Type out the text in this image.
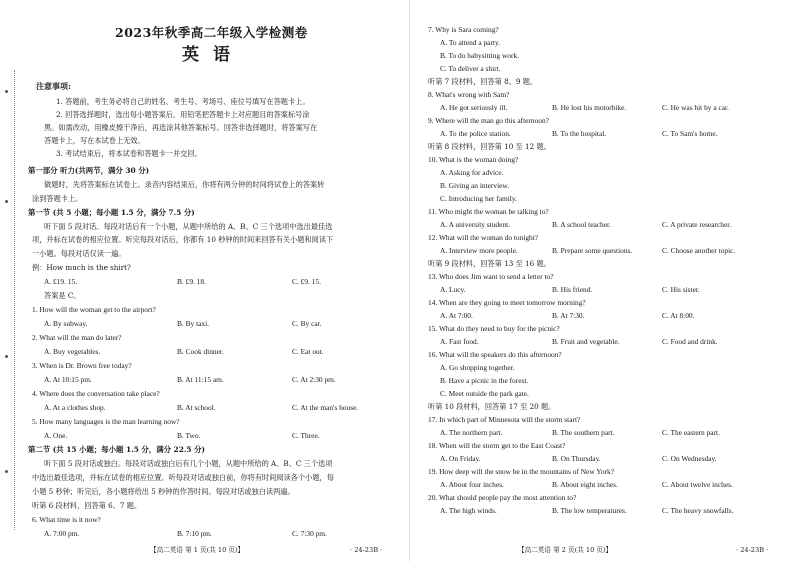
2023年秋季高二年级入学检测卷
英语
注意事项:
1. 答题前，考生务必将自己的姓名、考生号、考场号、座位号填写在答题卡上。
2. 回答选择题时，选出每小题答案后，用铅笔把答题卡上对应题目的答案标号涂
黑。如需改动，用橡皮擦干净后，再选涂其他答案标号。回答非选择题时，将答案写在
答题卡上，写在本试卷上无效。
3. 考试结束后，将本试卷和答题卡一并交回。
第一部分 听力(共两节，满分 30 分)
做题时，先将答案标在试卷上。录音内容结束后，你将有两分钟的时间将试卷上的答案转
涂到答题卡上。
第一节 (共 5 小题；每小题 1.5 分，满分 7.5 分)
听下面 5 段对话。每段对话后有一个小题，从题中所给的 A、B、C 三个选项中选出最佳选
项，并标在试卷的相应位置。听完每段对话后，你都有 10 秒钟的时间来回答有关小题和阅读下
一小题。每段对话仅读一遍。
例：How much is the shirt?
A. £19. 15.	B. £9. 18.	C. £9. 15.
答案是 C。
1. How will the woman get to the airport?
A. By subway.	B. By taxi.	C. By car.
2. What will the man do later?
A. Buy vegetables.	B. Cook dinner.	C. Eat out.
3. When is Dr. Brown free today?
A. At 10:15 pm.	B. At 11:15 am.	C. At 2:30 pm.
4. Where does the conversation take place?
A. At a clothes shop.	B. At school.	C. At the man's house.
5. How many languages is the man learning now?
A. One.	B. Two.	C. Three.
第二节 (共 15 小题；每小题 1.5 分，满分 22.5 分)
听下面 5 段对话或独白。每段对话或独白后有几个小题，从题中所给的 A、B、C 三个选项
中选出最佳选项，并标在试卷的相应位置。听每段对话或独白前，你将有时间阅读各个小题，每
小题 5 秒钟；听完后，各小题将给出 5 秒钟的作答时间。每段对话或独白读两遍。
听第 6 段材料，回答第 6、7 题。
6. What time is it now?
A. 7:00 pm.	B. 7:10 pm.	C. 7:30 pm.
【高二英语 第 1 页(共 10 页)】	· 24-23B ·
7. Why is Sara coming?
A. To attend a party.
B. To do babysitting work.
C. To deliver a shirt.
听第 7 段材料，回答第 8、9 题。
8. What's wrong with Sam?
A. He got seriously ill.	B. He lost his motorbike.	C. He was hit by a car.
9. Where will the man go this afternoon?
A. To the police station.	B. To the hospital.	C. To Sam's home.
听第 8 段材料，回答第 10 至 12 题。
10. What is the woman doing?
A. Asking for advice.
B. Giving an interview.
C. Introducing her family.
11. Who might the woman be talking to?
A. A university student.	B. A school teacher.	C. A private researcher.
12. What will the woman do tonight?
A. Interview more people.	B. Prepare some questions.	C. Choose another topic.
听第 9 段材料，回答第 13 至 16 题。
13. Who does Jim want to send a letter to?
A. Lucy.	B. His friend.	C. His sister.
14. When are they going to meet tomorrow morning?
A. At 7:00.	B. At 7:30.	C. At 8:00.
15. What do they need to buy for the picnic?
A. Fast food.	B. Fruit and vegetable.	C. Food and drink.
16. What will the speakers do this afternoon?
A. Go shopping together.
B. Have a picnic in the forest.
C. Meet outside the park gate.
听第 10 段材料，回答第 17 至 20 题。
17. In which part of Minnesota will the storm start?
A. The northern part.	B. The southern part.	C. The eastern part.
18. When will the storm get to the East Coast?
A. On Friday.	B. On Thursday.	C. On Wednesday.
19. How deep will the snow be in the mountains of New York?
A. About four inches.	B. About eight inches.	C. About twelve inches.
20. What should people pay the most attention to?
A. The high winds.	B. The low temperatures.	C. The heavy snowfalls.
【高二英语 第 2 页(共 10 页)】	· 24-23B ·
